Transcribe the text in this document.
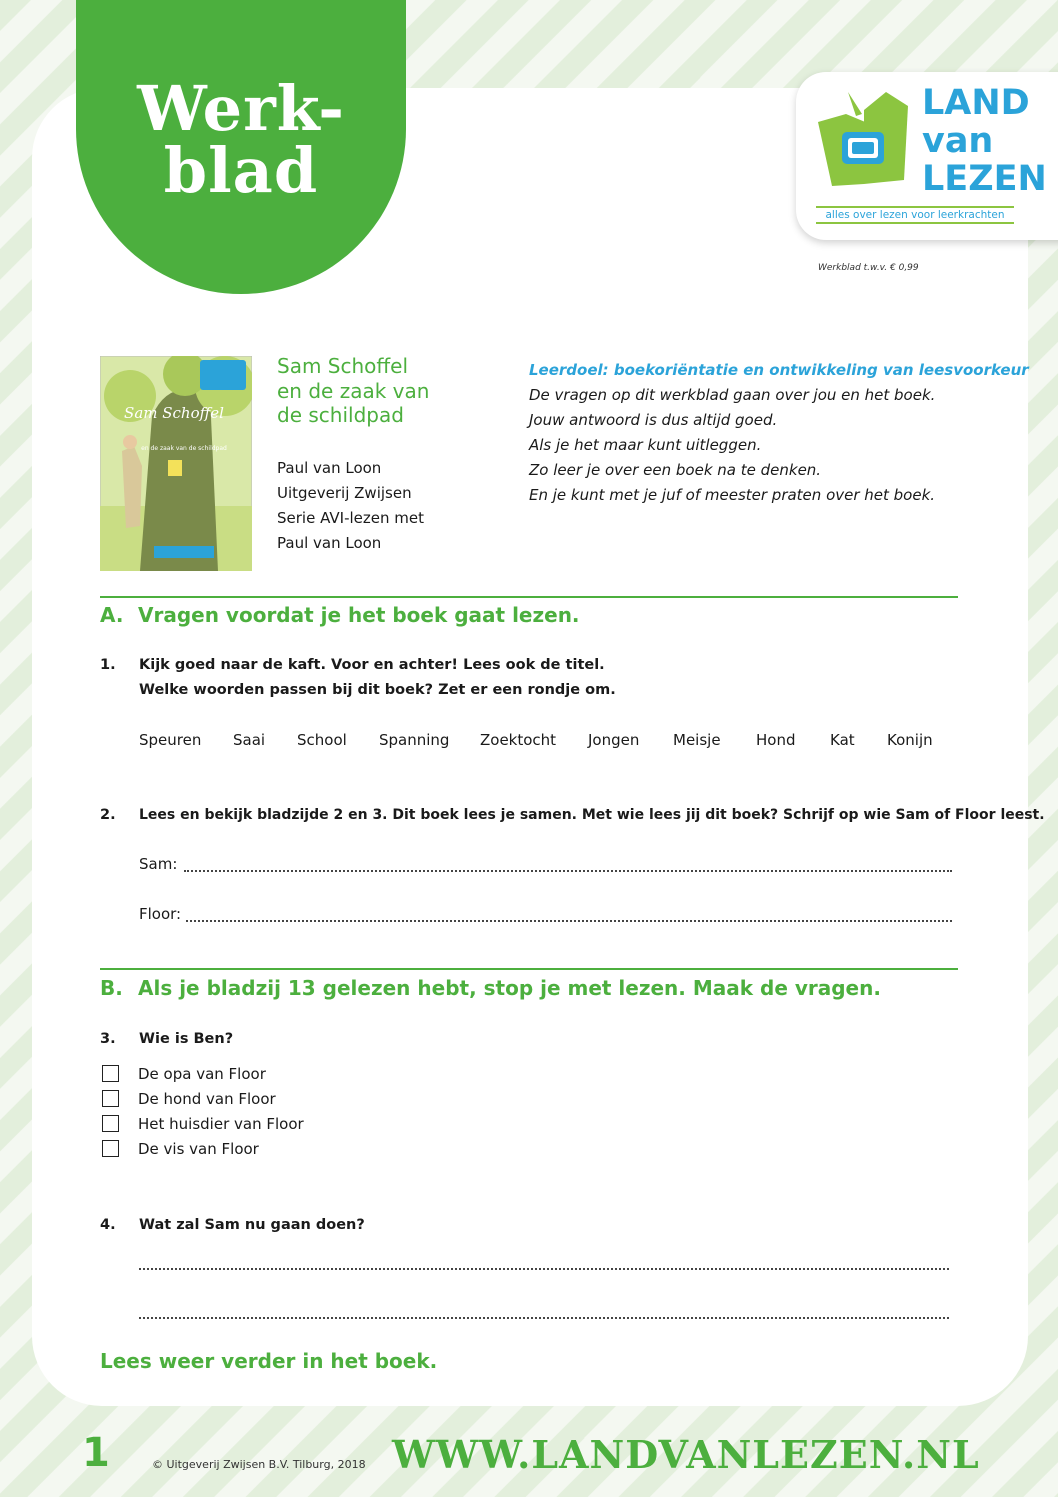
Werk-
blad
LAND
van
LEZEN
alles over lezen voor leerkrachten
Werkblad t.w.v. € 0,99
Sam Schoffel
en de zaak van de schildpad
Sam Schoffel
en de zaak van
de schildpad
Paul van Loon
Uitgeverij Zwijsen
Serie AVI-lezen met
Paul van Loon
Leerdoel: boekoriëntatie en ontwikkeling van leesvoorkeur
De vragen op dit werkblad gaan over jou en het boek.
Jouw antwoord is dus altijd goed.
Als je het maar kunt uitleggen.
Zo leer je over een boek na te denken.
En je kunt met je juf of meester praten over het boek.
A. Vragen voordat je het boek gaat lezen.
1. Kijk goed naar de kaft. Voor en achter! Lees ook de titel.
Welke woorden passen bij dit boek? Zet er een rondje om.
Speuren Saai School Spanning Zoektocht Jongen Meisje Hond Kat Konijn
2. Lees en bekijk bladzijde 2 en 3. Dit boek lees je samen. Met wie lees jij dit boek? Schrijf op wie Sam of Floor leest.
Sam:
Floor:
B. Als je bladzij 13 gelezen hebt, stop je met lezen. Maak de vragen.
3. Wie is Ben?
De opa van Floor
De hond van Floor
Het huisdier van Floor
De vis van Floor
4. Wat zal Sam nu gaan doen?
Lees weer verder in het boek.
1	© Uitgeverij Zwijsen B.V. Tilburg, 2018 WWW.LANDVANLEZEN.NL
